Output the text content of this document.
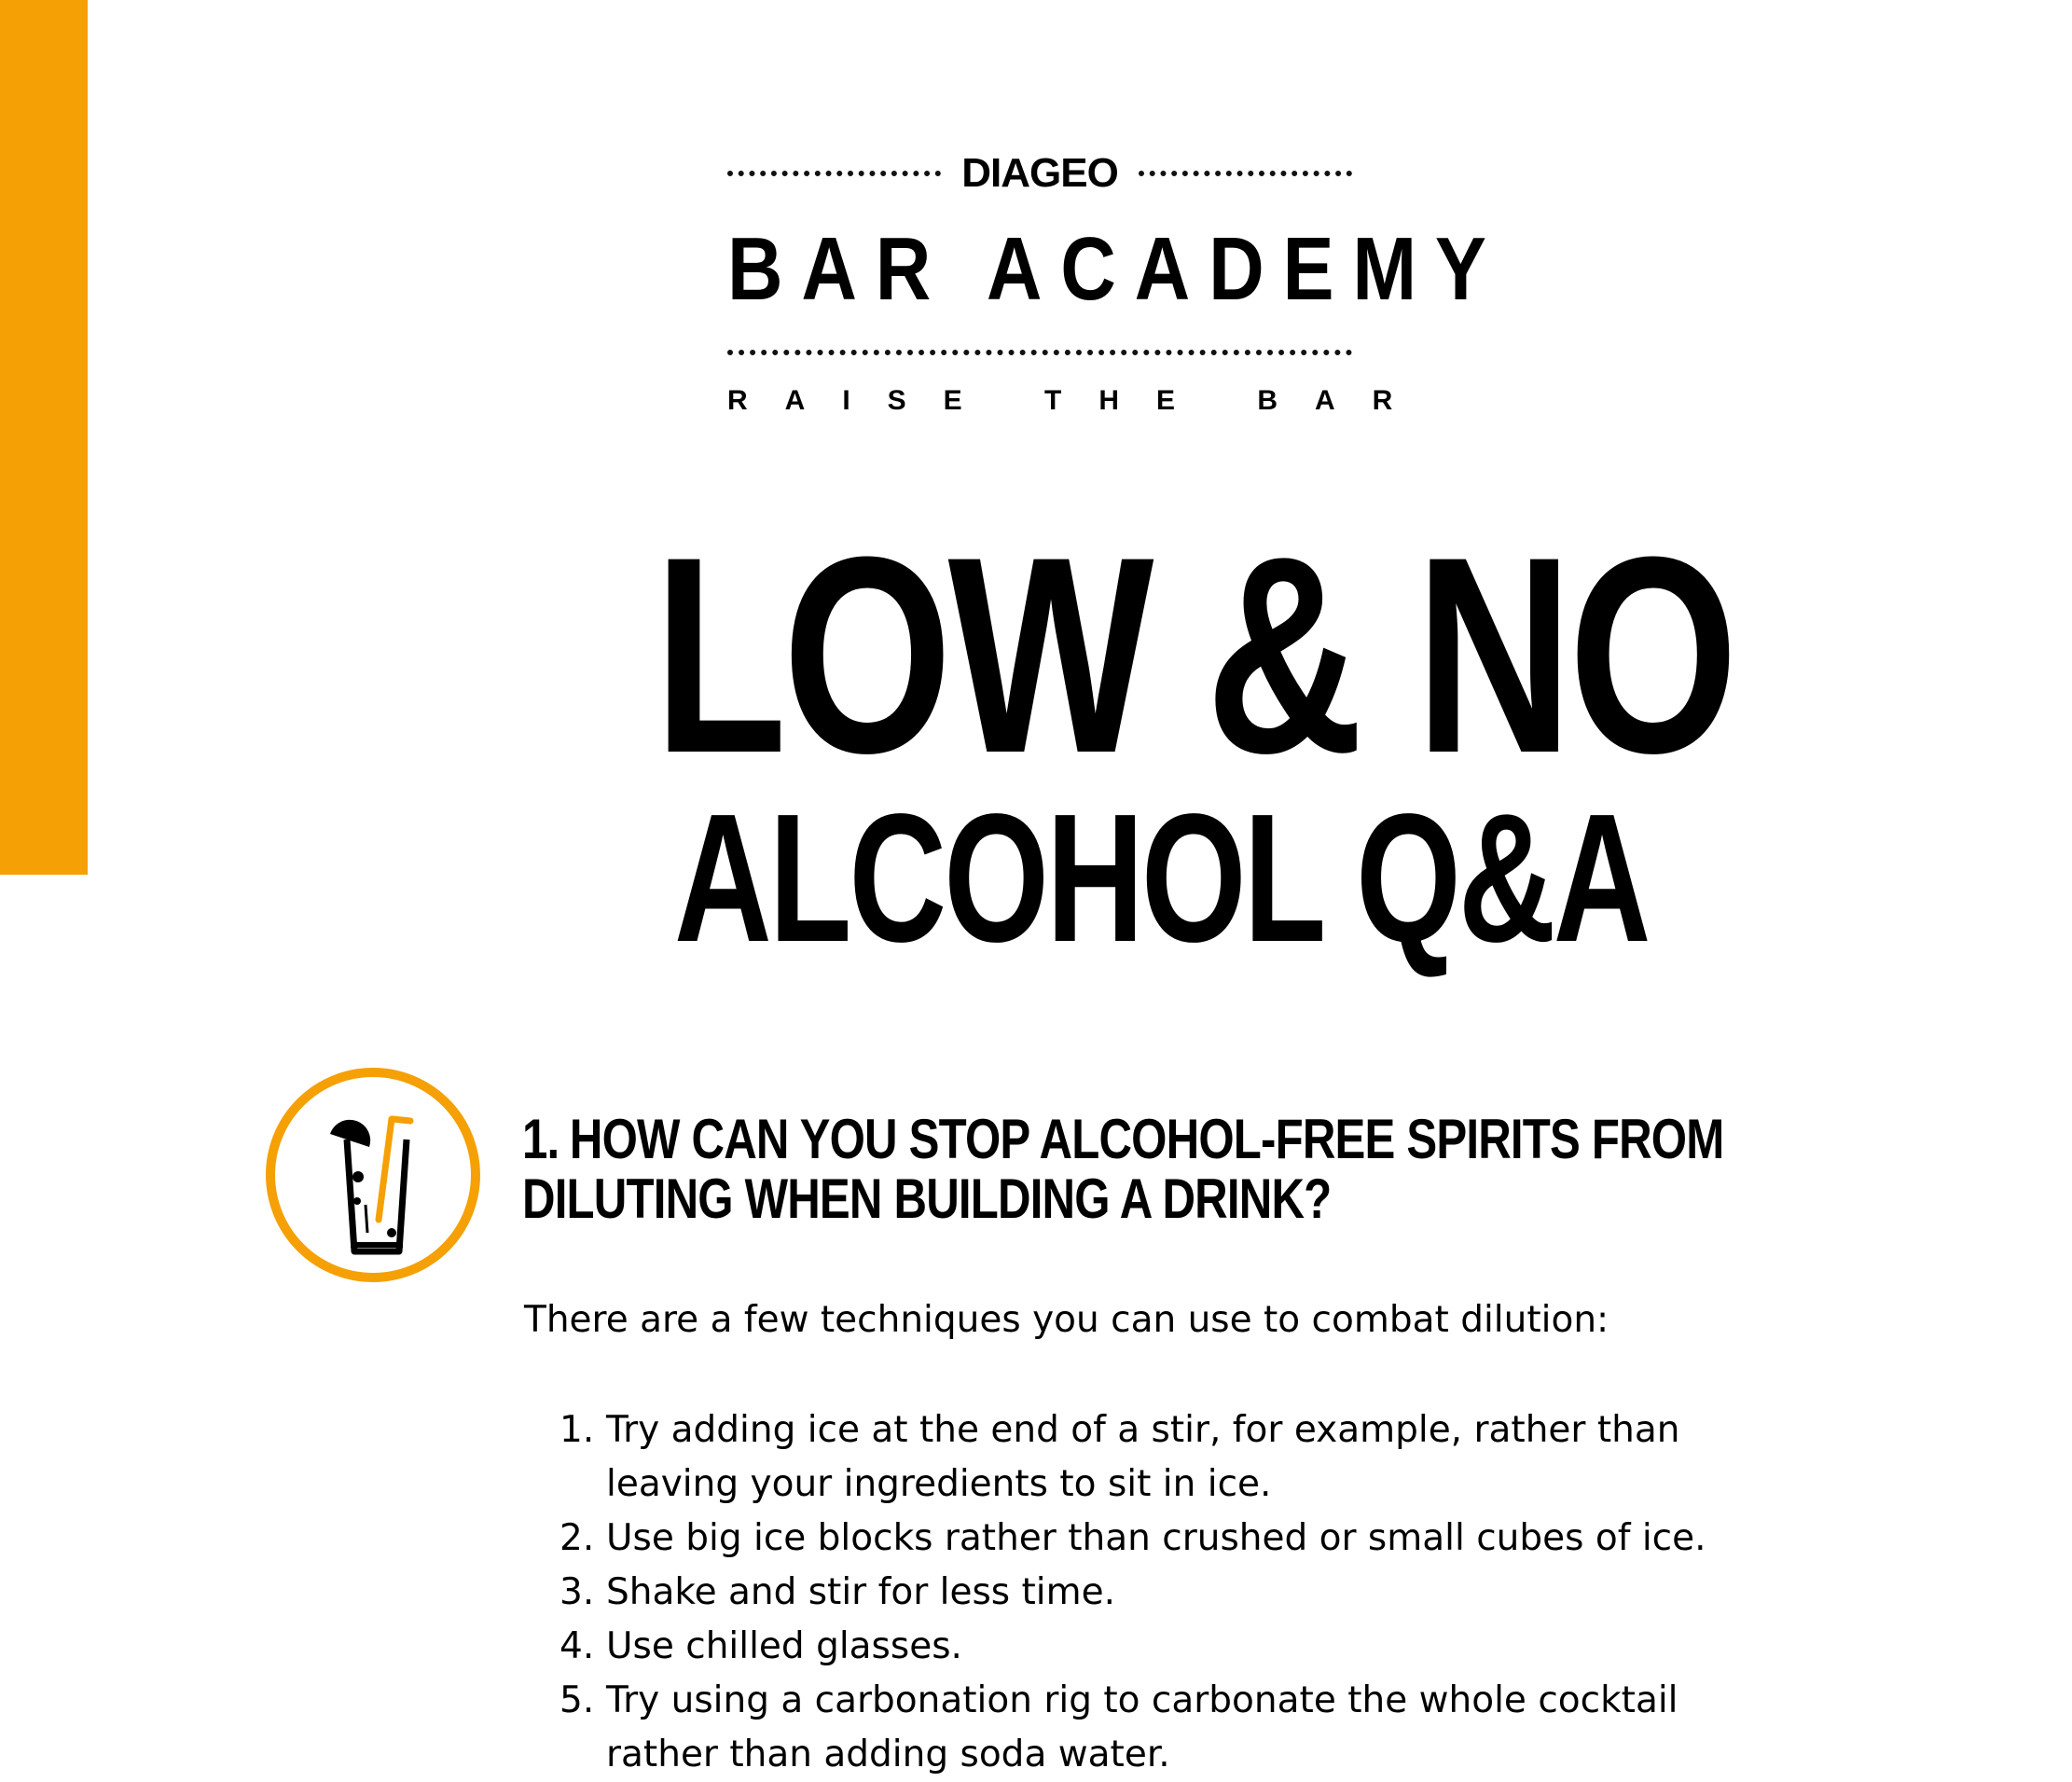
DIAGEO
BAR ACADEMY
RAISE THE BAR
LOW & NO
ALCOHOL Q&A
1. HOW CAN YOU STOP ALCOHOL-FREE SPIRITS FROM
DILUTING WHEN BUILDING A DRINK?
There are a few techniques you can use to combat dilution:
1. Try adding ice at the end of a stir, for example, rather than
leaving your ingredients to sit in ice.
2. Use big ice blocks rather than crushed or small cubes of ice.
3. Shake and stir for less time.
4. Use chilled glasses.
5. Try using a carbonation rig to carbonate the whole cocktail
rather than adding soda water.
